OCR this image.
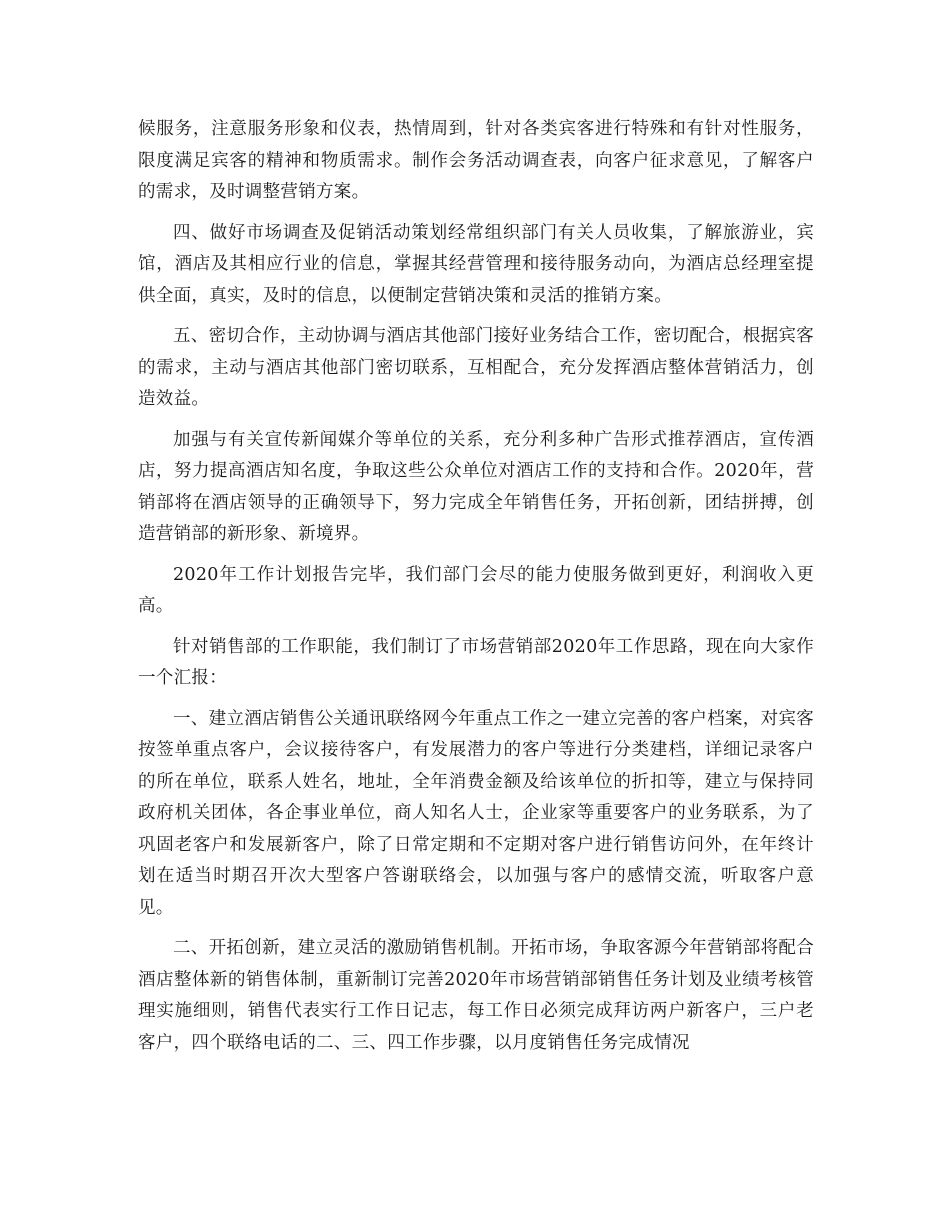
候服务，注意服务形象和仪表，热情周到，针对各类宾客进行特殊和有针对性服务，限度满足宾客的精神和物质需求。制作会务活动调查表，向客户征求意见，了解客户的需求，及时调整营销方案。

四、做好市场调查及促销活动策划经常组织部门有关人员收集，了解旅游业，宾馆，酒店及其相应行业的信息，掌握其经营管理和接待服务动向，为酒店总经理室提供全面，真实，及时的信息，以便制定营销决策和灵活的推销方案。

五、密切合作，主动协调与酒店其他部门接好业务结合工作，密切配合，根据宾客的需求，主动与酒店其他部门密切联系，互相配合，充分发挥酒店整体营销活力，创造效益。

加强与有关宣传新闻媒介等单位的关系，充分利多种广告形式推荐酒店，宣传酒店，努力提高酒店知名度，争取这些公众单位对酒店工作的支持和合作。2020年，营销部将在酒店领导的正确领导下，努力完成全年销售任务，开拓创新，团结拼搏，创造营销部的新形象、新境界。

2020年工作计划报告完毕，我们部门会尽的能力使服务做到更好，利润收入更高。

针对销售部的工作职能，我们制订了市场营销部2020年工作思路，现在向大家作一个汇报：

一、建立酒店销售公关通讯联络网今年重点工作之一建立完善的客户档案，对宾客按签单重点客户，会议接待客户，有发展潜力的客户等进行分类建档，详细记录客户的所在单位，联系人姓名，地址，全年消费金额及给该单位的折扣等，建立与保持同政府机关团体，各企事业单位，商人知名人士，企业家等重要客户的业务联系，为了巩固老客户和发展新客户，除了日常定期和不定期对客户进行销售访问外，在年终计划在适当时期召开次大型客户答谢联络会，以加强与客户的感情交流，听取客户意见。

二、开拓创新，建立灵活的激励销售机制。开拓市场，争取客源今年营销部将配合酒店整体新的销售体制，重新制订完善2020年市场营销部销售任务计划及业绩考核管理实施细则，销售代表实行工作日记志，每工作日必须完成拜访两户新客户，三户老客户，四个联络电话的二、三、四工作步骤，以月度销售任务完成情况
